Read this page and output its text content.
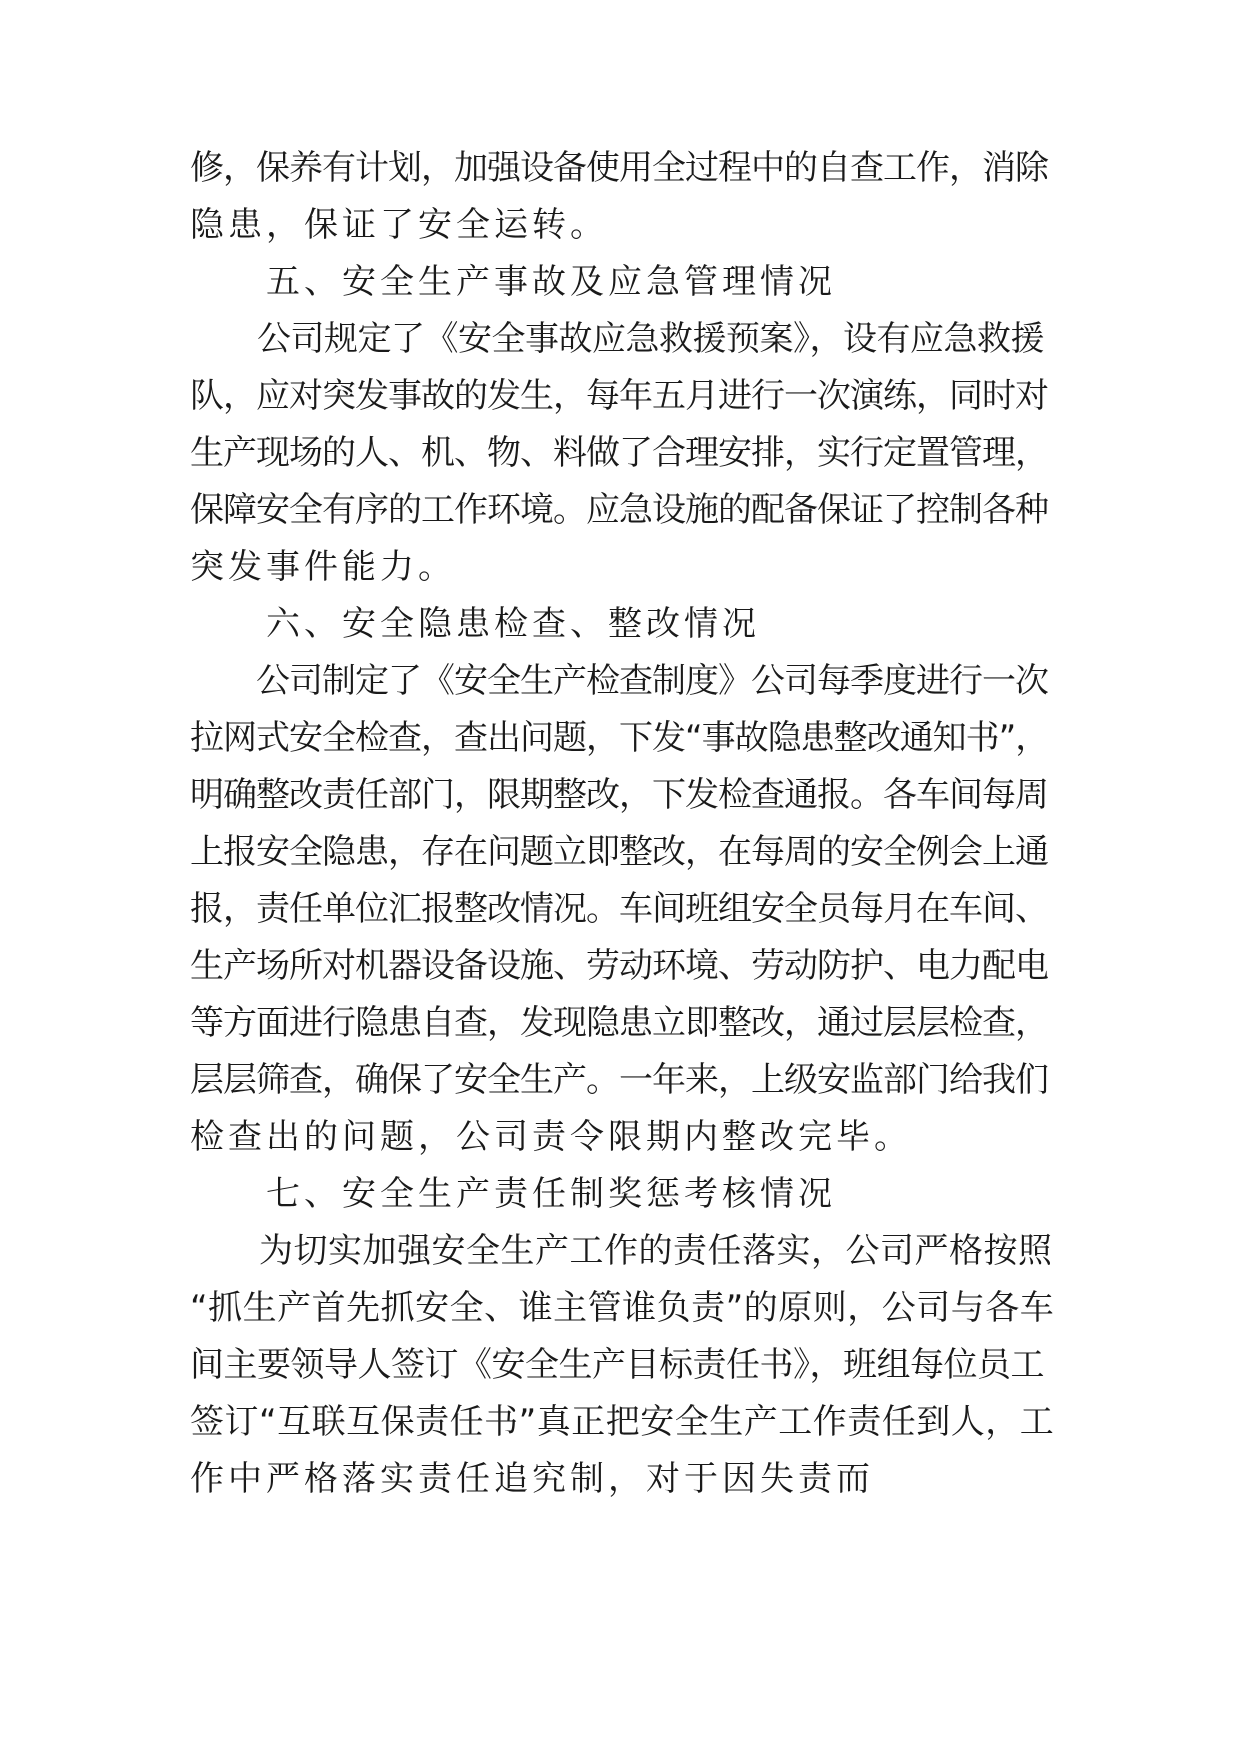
修，保养有计划，加强设备使用全过程中的自查工作，消除
隐患，保证了安全运转。
　　五、安全生产事故及应急管理情况
　　公司规定了《安全事故应急救援预案》，设有应急救援
队，应对突发事故的发生，每年五月进行一次演练，同时对
生产现场的人、机、物、料做了合理安排，实行定置管理，
保障安全有序的工作环境。应急设施的配备保证了控制各种
突发事件能力。
　　六、安全隐患检查、整改情况
　　公司制定了《安全生产检查制度》公司每季度进行一次
拉网式安全检查，查出问题，下发“事故隐患整改通知书”，
明确整改责任部门，限期整改，下发检查通报。各车间每周
上报安全隐患，存在问题立即整改，在每周的安全例会上通
报，责任单位汇报整改情况。车间班组安全员每月在车间、
生产场所对机器设备设施、劳动环境、劳动防护、电力配电
等方面进行隐患自查，发现隐患立即整改，通过层层检查，
层层筛查，确保了安全生产。一年来，上级安监部门给我们
检查出的问题，公司责令限期内整改完毕。
　　七、安全生产责任制奖惩考核情况
　　为切实加强安全生产工作的责任落实，公司严格按照
“抓生产首先抓安全、谁主管谁负责”的原则，公司与各车
间主要领导人签订《安全生产目标责任书》，班组每位员工
签订“互联互保责任书”真正把安全生产工作责任到人，工
作中严格落实责任追究制，对于因失责而
